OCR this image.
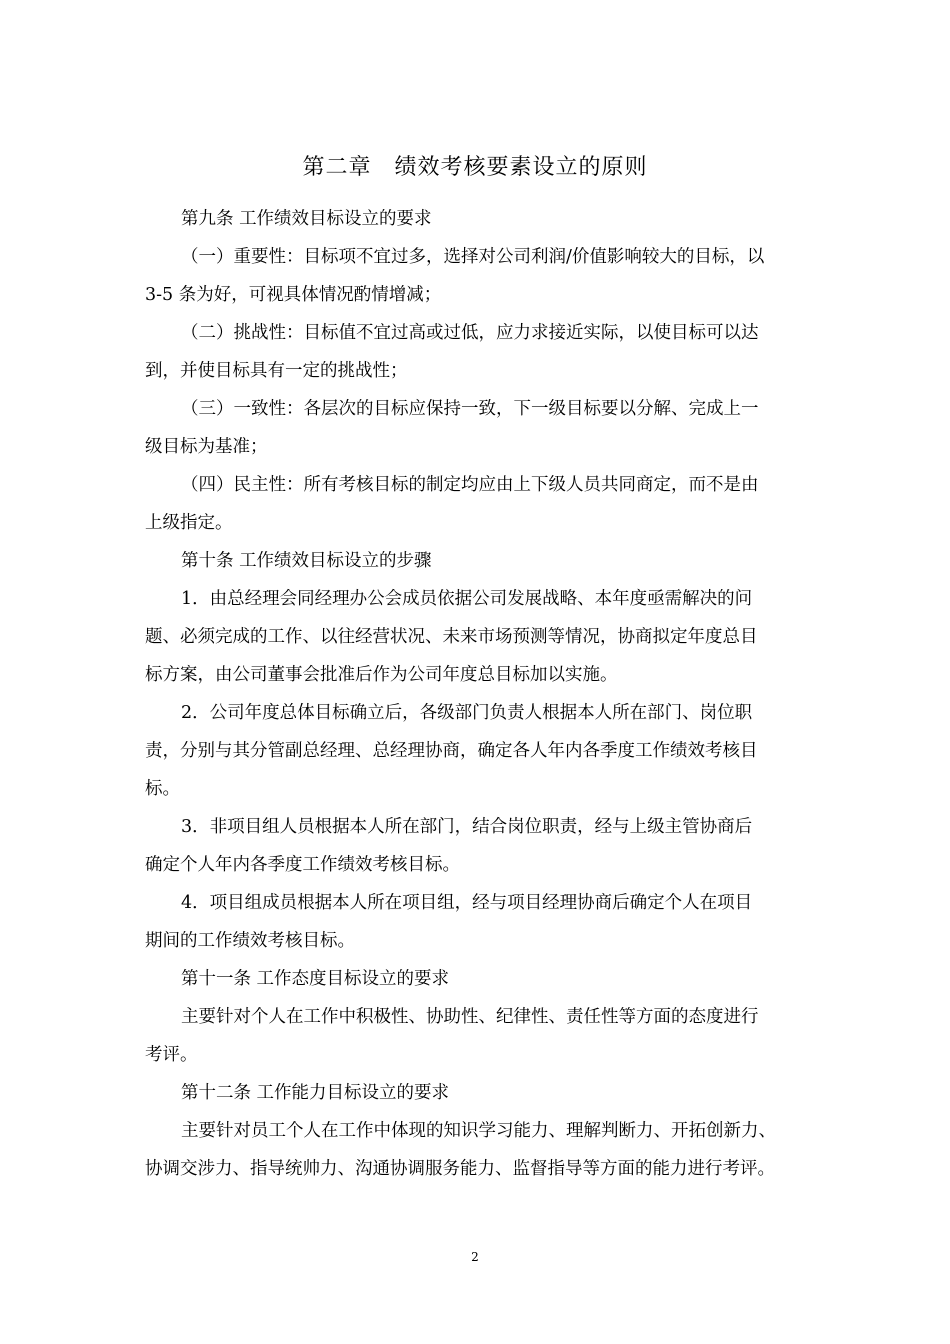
第二章　绩效考核要素设立的原则
第九条 工作绩效目标设立的要求
（一）重要性：目标项不宜过多，选择对公司利润/价值影响较大的目标，以
3-5 条为好，可视具体情况酌情增减；
（二）挑战性：目标值不宜过高或过低，应力求接近实际，以使目标可以达
到，并使目标具有一定的挑战性；
（三）一致性：各层次的目标应保持一致，下一级目标要以分解、完成上一
级目标为基准；
（四）民主性：所有考核目标的制定均应由上下级人员共同商定，而不是由
上级指定。
第十条 工作绩效目标设立的步骤
1．由总经理会同经理办公会成员依据公司发展战略、本年度亟需解决的问
题、必须完成的工作、以往经营状况、未来市场预测等情况，协商拟定年度总目
标方案，由公司董事会批准后作为公司年度总目标加以实施。
2．公司年度总体目标确立后，各级部门负责人根据本人所在部门、岗位职
责，分别与其分管副总经理、总经理协商，确定各人年内各季度工作绩效考核目
标。
3．非项目组人员根据本人所在部门，结合岗位职责，经与上级主管协商后
确定个人年内各季度工作绩效考核目标。
4．项目组成员根据本人所在项目组，经与项目经理协商后确定个人在项目
期间的工作绩效考核目标。
第十一条 工作态度目标设立的要求
主要针对个人在工作中积极性、协助性、纪律性、责任性等方面的态度进行
考评。
第十二条 工作能力目标设立的要求
主要针对员工个人在工作中体现的知识学习能力、理解判断力、开拓创新力、
协调交涉力、指导统帅力、沟通协调服务能力、监督指导等方面的能力进行考评。
2
